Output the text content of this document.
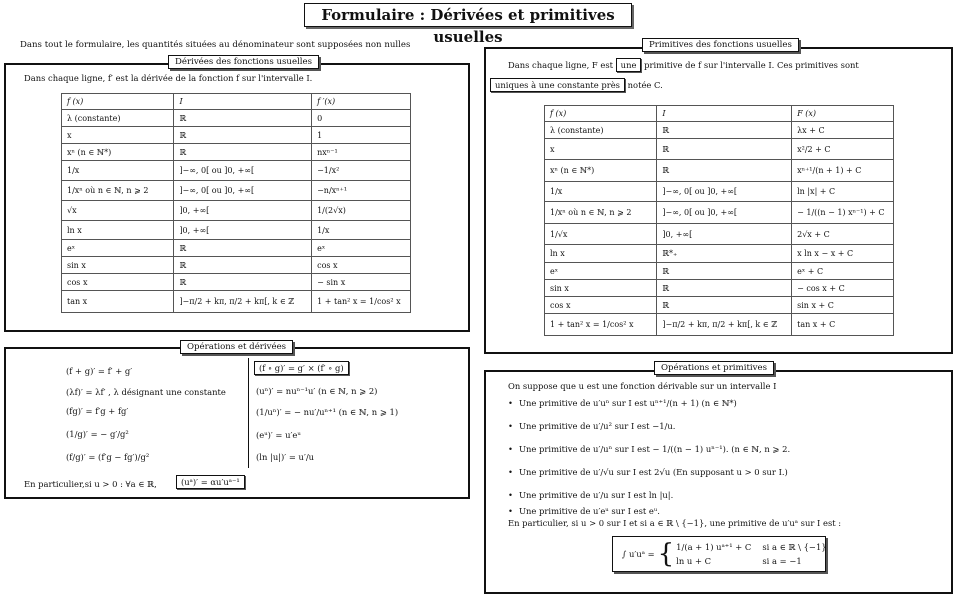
Formulaire : Dérivées et primitives usuelles
Dans tout le formulaire, les quantités situées au dénominateur sont supposées non nulles
Dérivées des fonctions usuelles
Dans chaque ligne, f′ est la dérivée de la fonction f sur l'intervalle I.
f (x)	I	f ′(x)
λ (constante)	ℝ	0
x	ℝ	1
xⁿ (n ∈ ℕ*)	ℝ	nxⁿ⁻¹
1/x	]−∞, 0[ ou ]0, +∞[	−1/x²
1/xⁿ où n ∈ ℕ, n ⩾ 2	]−∞, 0[ ou ]0, +∞[	−n/xⁿ⁺¹
√x	]0, +∞[	1/(2√x)
ln x	]0, +∞[	1/x
eˣ	ℝ	eˣ
sin x	ℝ	cos x
cos x	ℝ	− sin x
tan x	]−π/2 + kπ, π/2 + kπ[, k ∈ ℤ	1 + tan² x = 1/cos² x
Opérations et dérivées
(f + g)′ = f′ + g′
(λf)′ = λf′ , λ désignant une constante
(fg)′ = f′g + fg′
(1/g)′ = − g′/g²
(f/g)′ = (f′g − fg′)/g²
(f ∘ g)′ = g′ × (f′ ∘ g)
(uⁿ)′ = nuⁿ⁻¹u′ (n ∈ ℕ, n ⩾ 2)
(1/uⁿ)′ = − nu′/uⁿ⁺¹ (n ∈ ℕ, n ⩾ 1)
(eᵘ)′ = u′eᵘ
(ln |u|)′ = u′/u
En particulier,si u > 0 : ∀a ∈ ℝ,	(uᵃ)′ = αu′uᵃ⁻¹
Primitives des fonctions usuelles
Dans chaque ligne, F est une primitive de f sur l'intervalle I. Ces primitives sont
uniques à une constante près notée C.
f (x)	I	F (x)
λ (constante)	ℝ	λx + C
x	ℝ	x²/2 + C
xⁿ (n ∈ ℕ*)	ℝ	xⁿ⁺¹/(n + 1) + C
1/x	]−∞, 0[ ou ]0, +∞[	ln |x| + C
1/xⁿ où n ∈ ℕ, n ⩾ 2	]−∞, 0[ ou ]0, +∞[	− 1/((n − 1) xⁿ⁻¹) + C
1/√x	]0, +∞[	2√x + C
ln x	ℝ*₊	x ln x − x + C
eˣ	ℝ	eˣ + C
sin x	ℝ	− cos x + C
cos x	ℝ	sin x + C
1 + tan² x = 1/cos² x	]−π/2 + kπ, π/2 + kπ[, k ∈ ℤ	tan x + C
Opérations et primitives
On suppose que u est une fonction dérivable sur un intervalle I
• Une primitive de u′uⁿ sur I est uⁿ⁺¹/(n + 1) (n ∈ ℕ*)
• Une primitive de u′/u² sur I est −1/u.
• Une primitive de u′/uⁿ sur I est − 1/((n − 1) uⁿ⁻¹). (n ∈ ℕ, n ⩾ 2.
• Une primitive de u′/√u sur I est 2√u (En supposant u > 0 sur I.)
• Une primitive de u′/u sur I est ln |u|.
• Une primitive de u′eᵘ sur I est eᵘ.
En particulier, si u > 0 sur I et si a ∈ ℝ \ {−1}, une primitive de u′uᵃ sur I est :
∫ u′uᵃ =	{	1/(a + 1) uᵃ⁺¹ + C	si a ∈ ℝ \ {−1}
		ln u + C	si a = −1
